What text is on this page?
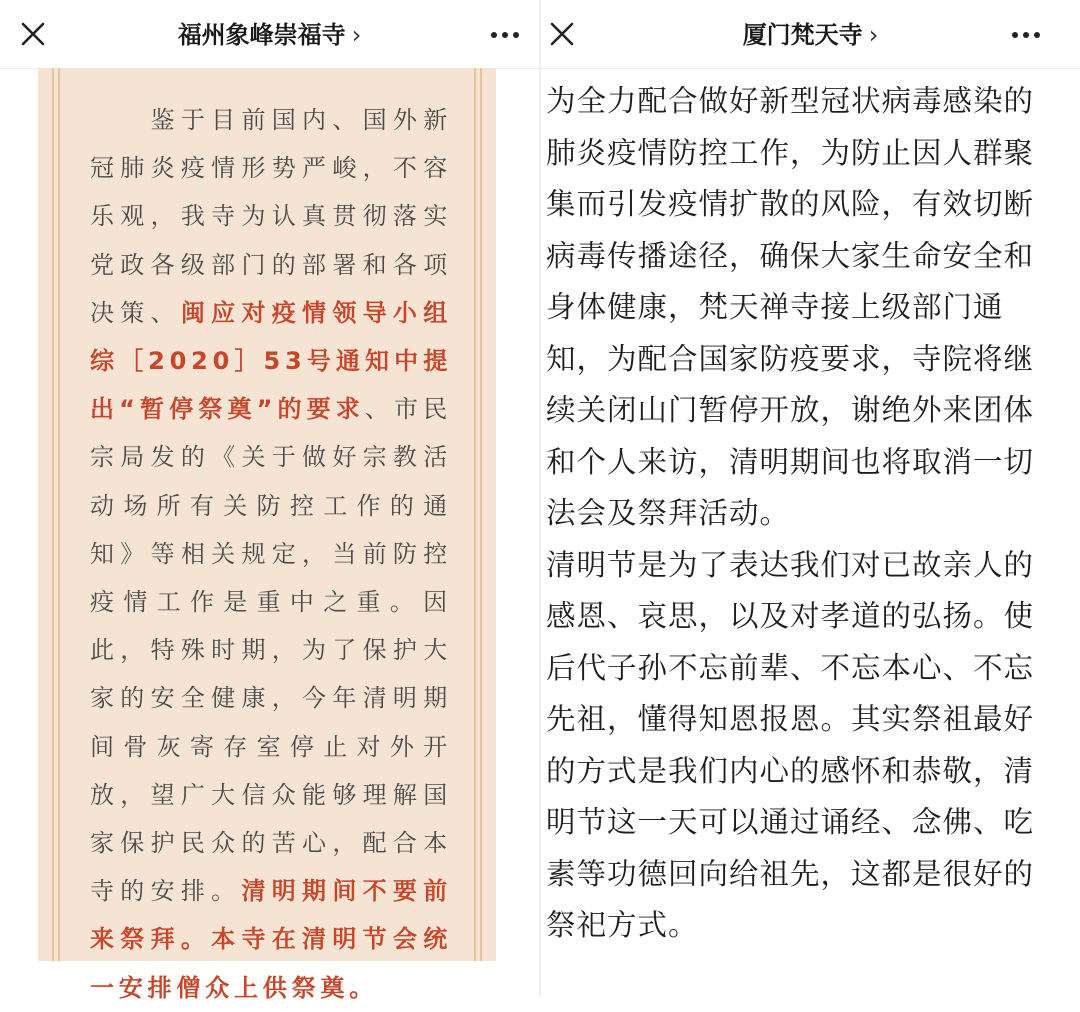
福州象峰崇福寺 ›	厦门梵天寺 ›

　　鉴于目前国内、国外新冠肺炎疫情形势严峻，不容乐观，我寺为认真贯彻落实党政各级部门的部署和各项决策、闽应对疫情领导小组综［2020］53号通知中提出“暂停祭奠”的要求、市民宗局发的《关于做好宗教活动场所有关防控工作的通知》等相关规定，当前防控疫情工作是重中之重。因此，特殊时期，为了保护大家的安全健康，今年清明期间骨灰寄存室停止对外开放，望广大信众能够理解国家保护民众的苦心，配合本寺的安排。清明期间不要前来祭拜。本寺在清明节会统一安排僧众上供祭奠。

为全力配合做好新型冠状病毒感染的肺炎疫情防控工作，为防止因人群聚集而引发疫情扩散的风险，有效切断病毒传播途径，确保大家生命安全和身体健康，梵天禅寺接上级部门通知，为配合国家防疫要求，寺院将继续关闭山门暂停开放，谢绝外来团体和个人来访，清明期间也将取消一切法会及祭拜活动。

清明节是为了表达我们对已故亲人的感恩、哀思，以及对孝道的弘扬。使后代子孙不忘前辈、不忘本心、不忘先祖，懂得知恩报恩。其实祭祖最好的方式是我们内心的感怀和恭敬，清明节这一天可以通过诵经、念佛、吃素等功德回向给祖先，这都是很好的祭祀方式。
